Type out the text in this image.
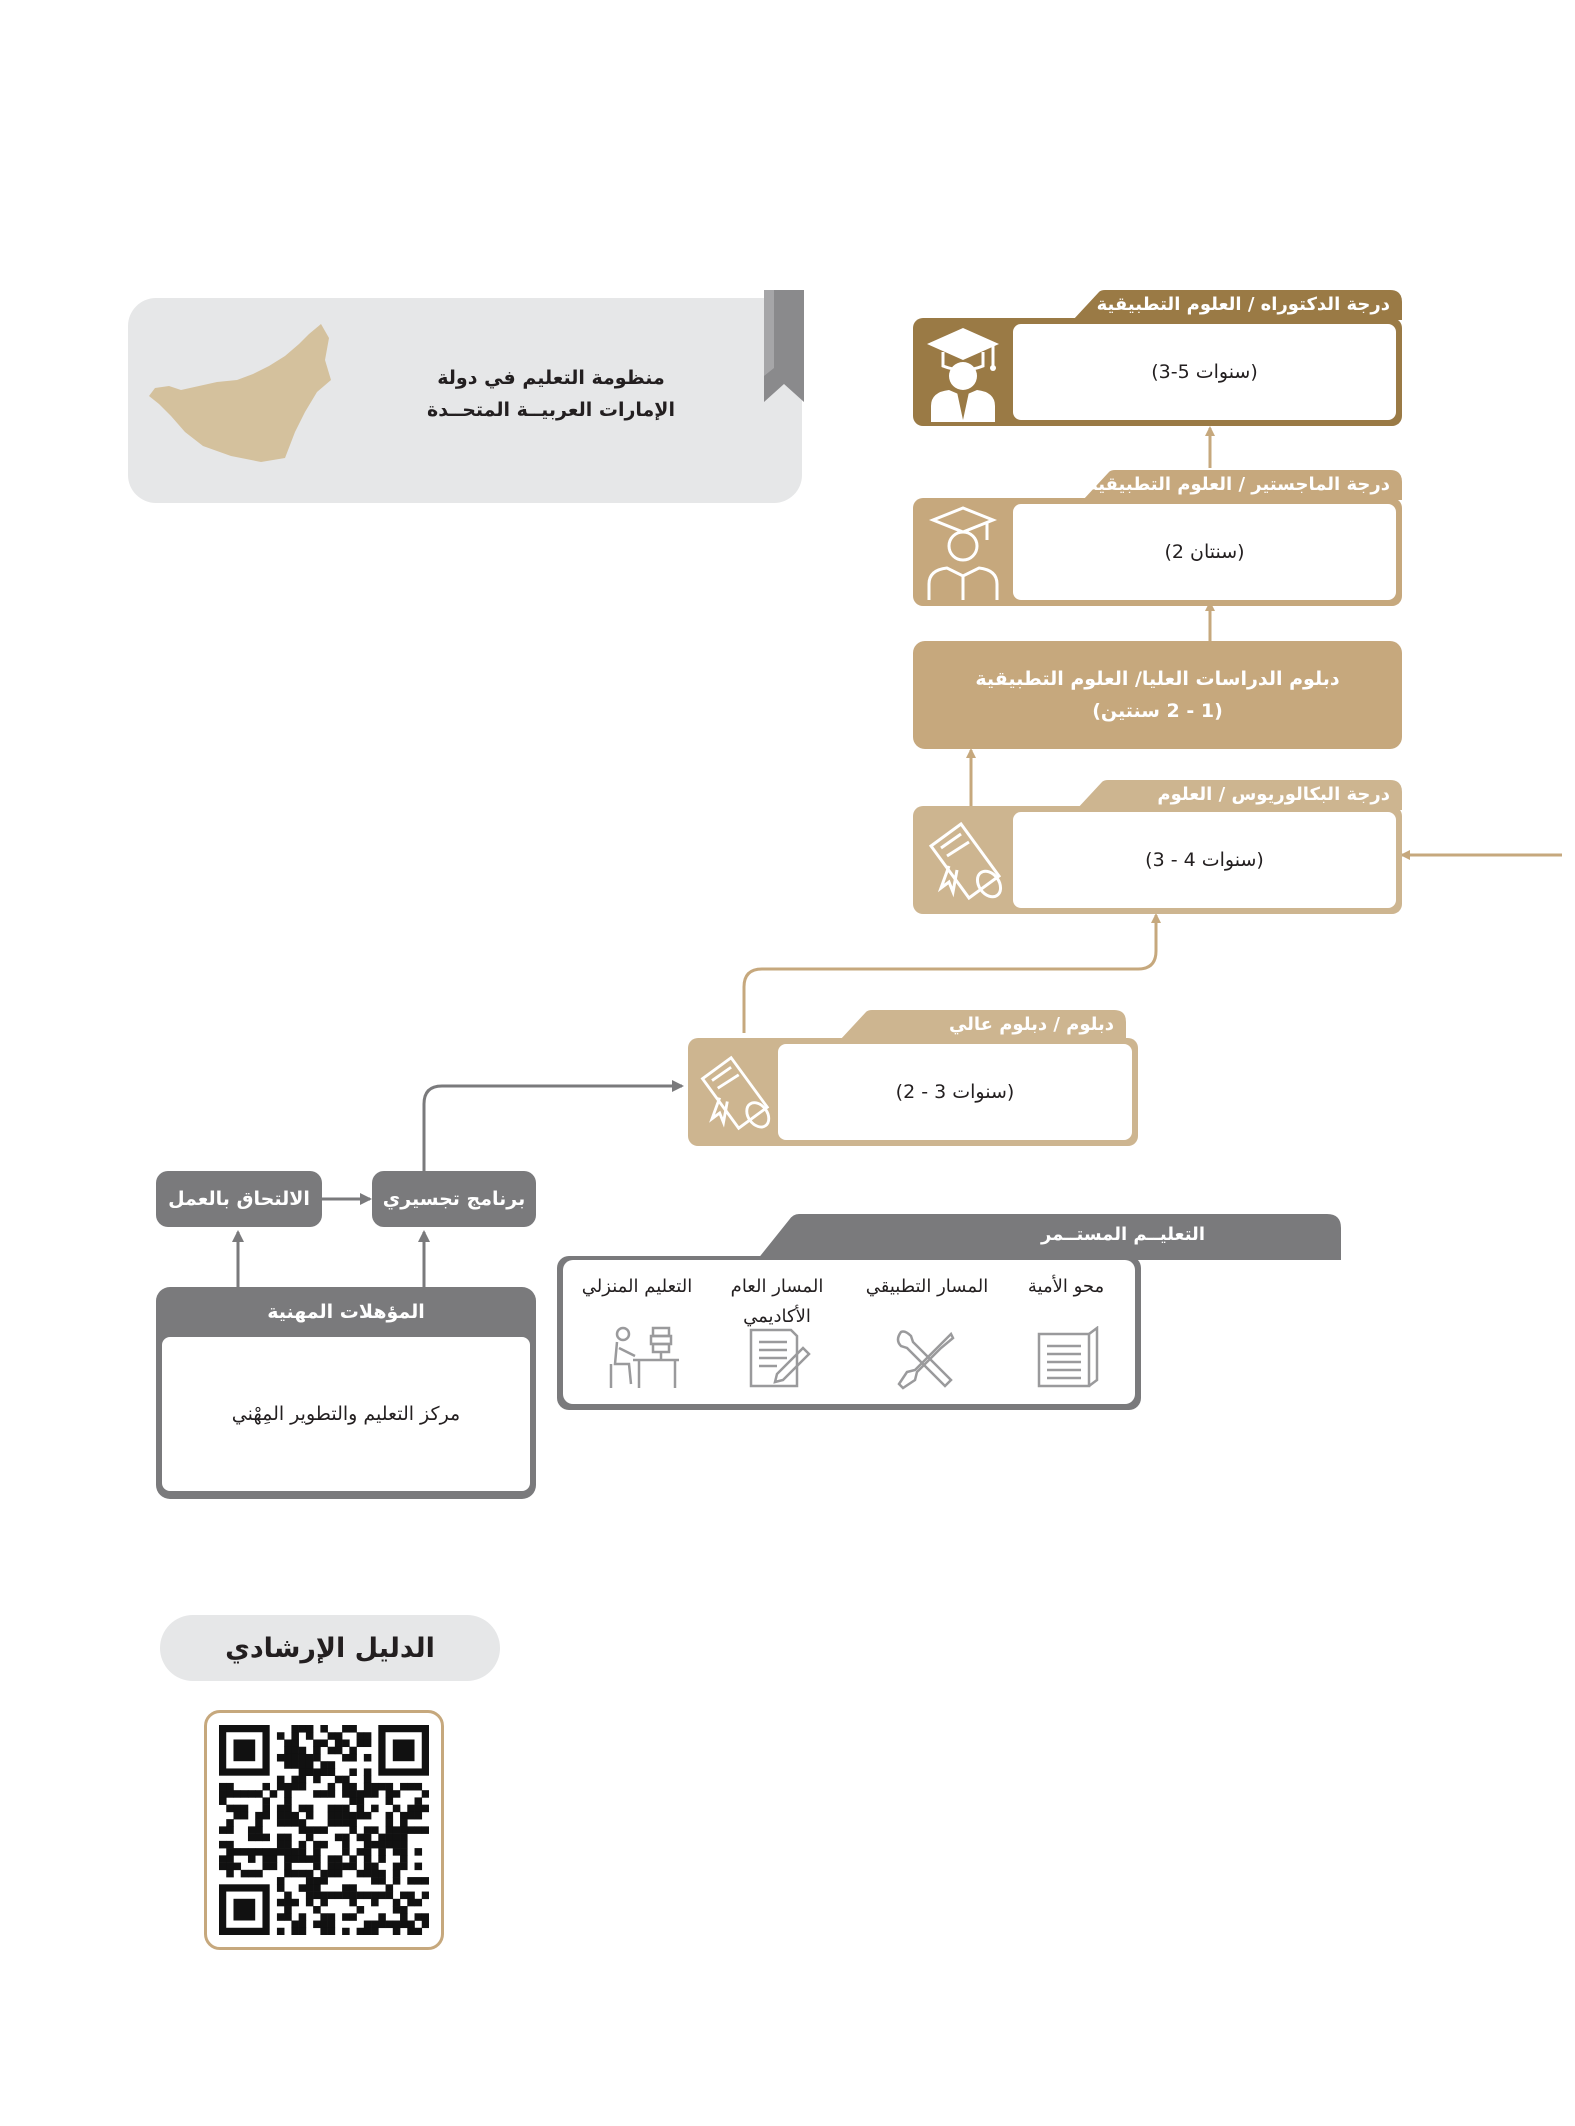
منظومة التعليم في دولة
الإمارات العربيــة المتحــدة
درجة الدكتوراه / العلوم التطبيقية
(3-5 سنوات)
درجة الماجستير / العلوم التطبيقية
(2 سنتان)
دبلوم الدراسات العليا/ العلوم التطبيقية
(1 - 2 سنتين)
درجة البكالوريوس / العلوم
(3 - 4 سنوات)
دبلوم / دبلوم عالي
(2 - 3 سنوات)
برنامج تجسيري
الالتحاق بالعمل
المؤهلات المهنية
مركز التعليم والتطوير المِهْني
التعليــم المستــمر
محو الأمية
المسار التطبيقي
المسار العام الأكاديمي
التعليم المنزلي
الدليل الإرشادي
